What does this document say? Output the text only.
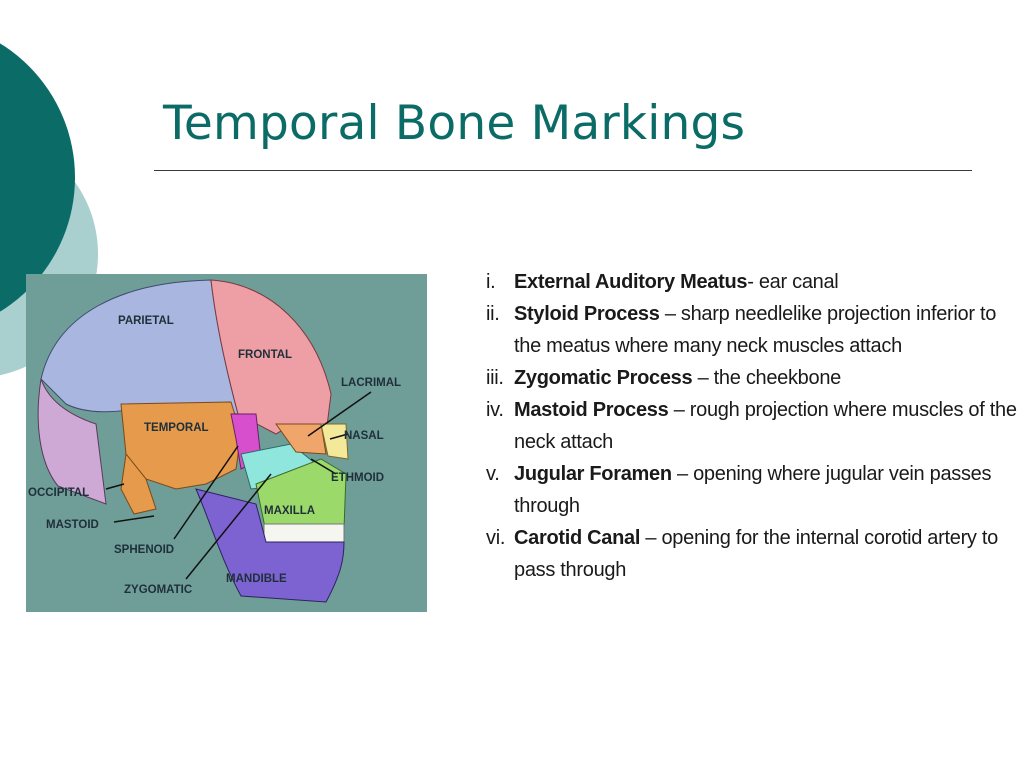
Temporal Bone Markings
PARIETAL
FRONTAL
LACRIMAL
TEMPORAL
NASAL
ETHMOID
OCCIPITAL
MAXILLA
MASTOID
SPHENOID
MANDIBLE
ZYGOMATIC
i. External Auditory Meatus- ear canal
ii. Styloid Process – sharp needlelike projection inferior to the meatus where many neck muscles attach
iii. Zygomatic Process – the cheekbone
iv. Mastoid Process – rough projection where muscles of the neck attach
v. Jugular Foramen – opening where jugular vein passes through
vi. Carotid Canal – opening for the internal corotid artery to pass through
